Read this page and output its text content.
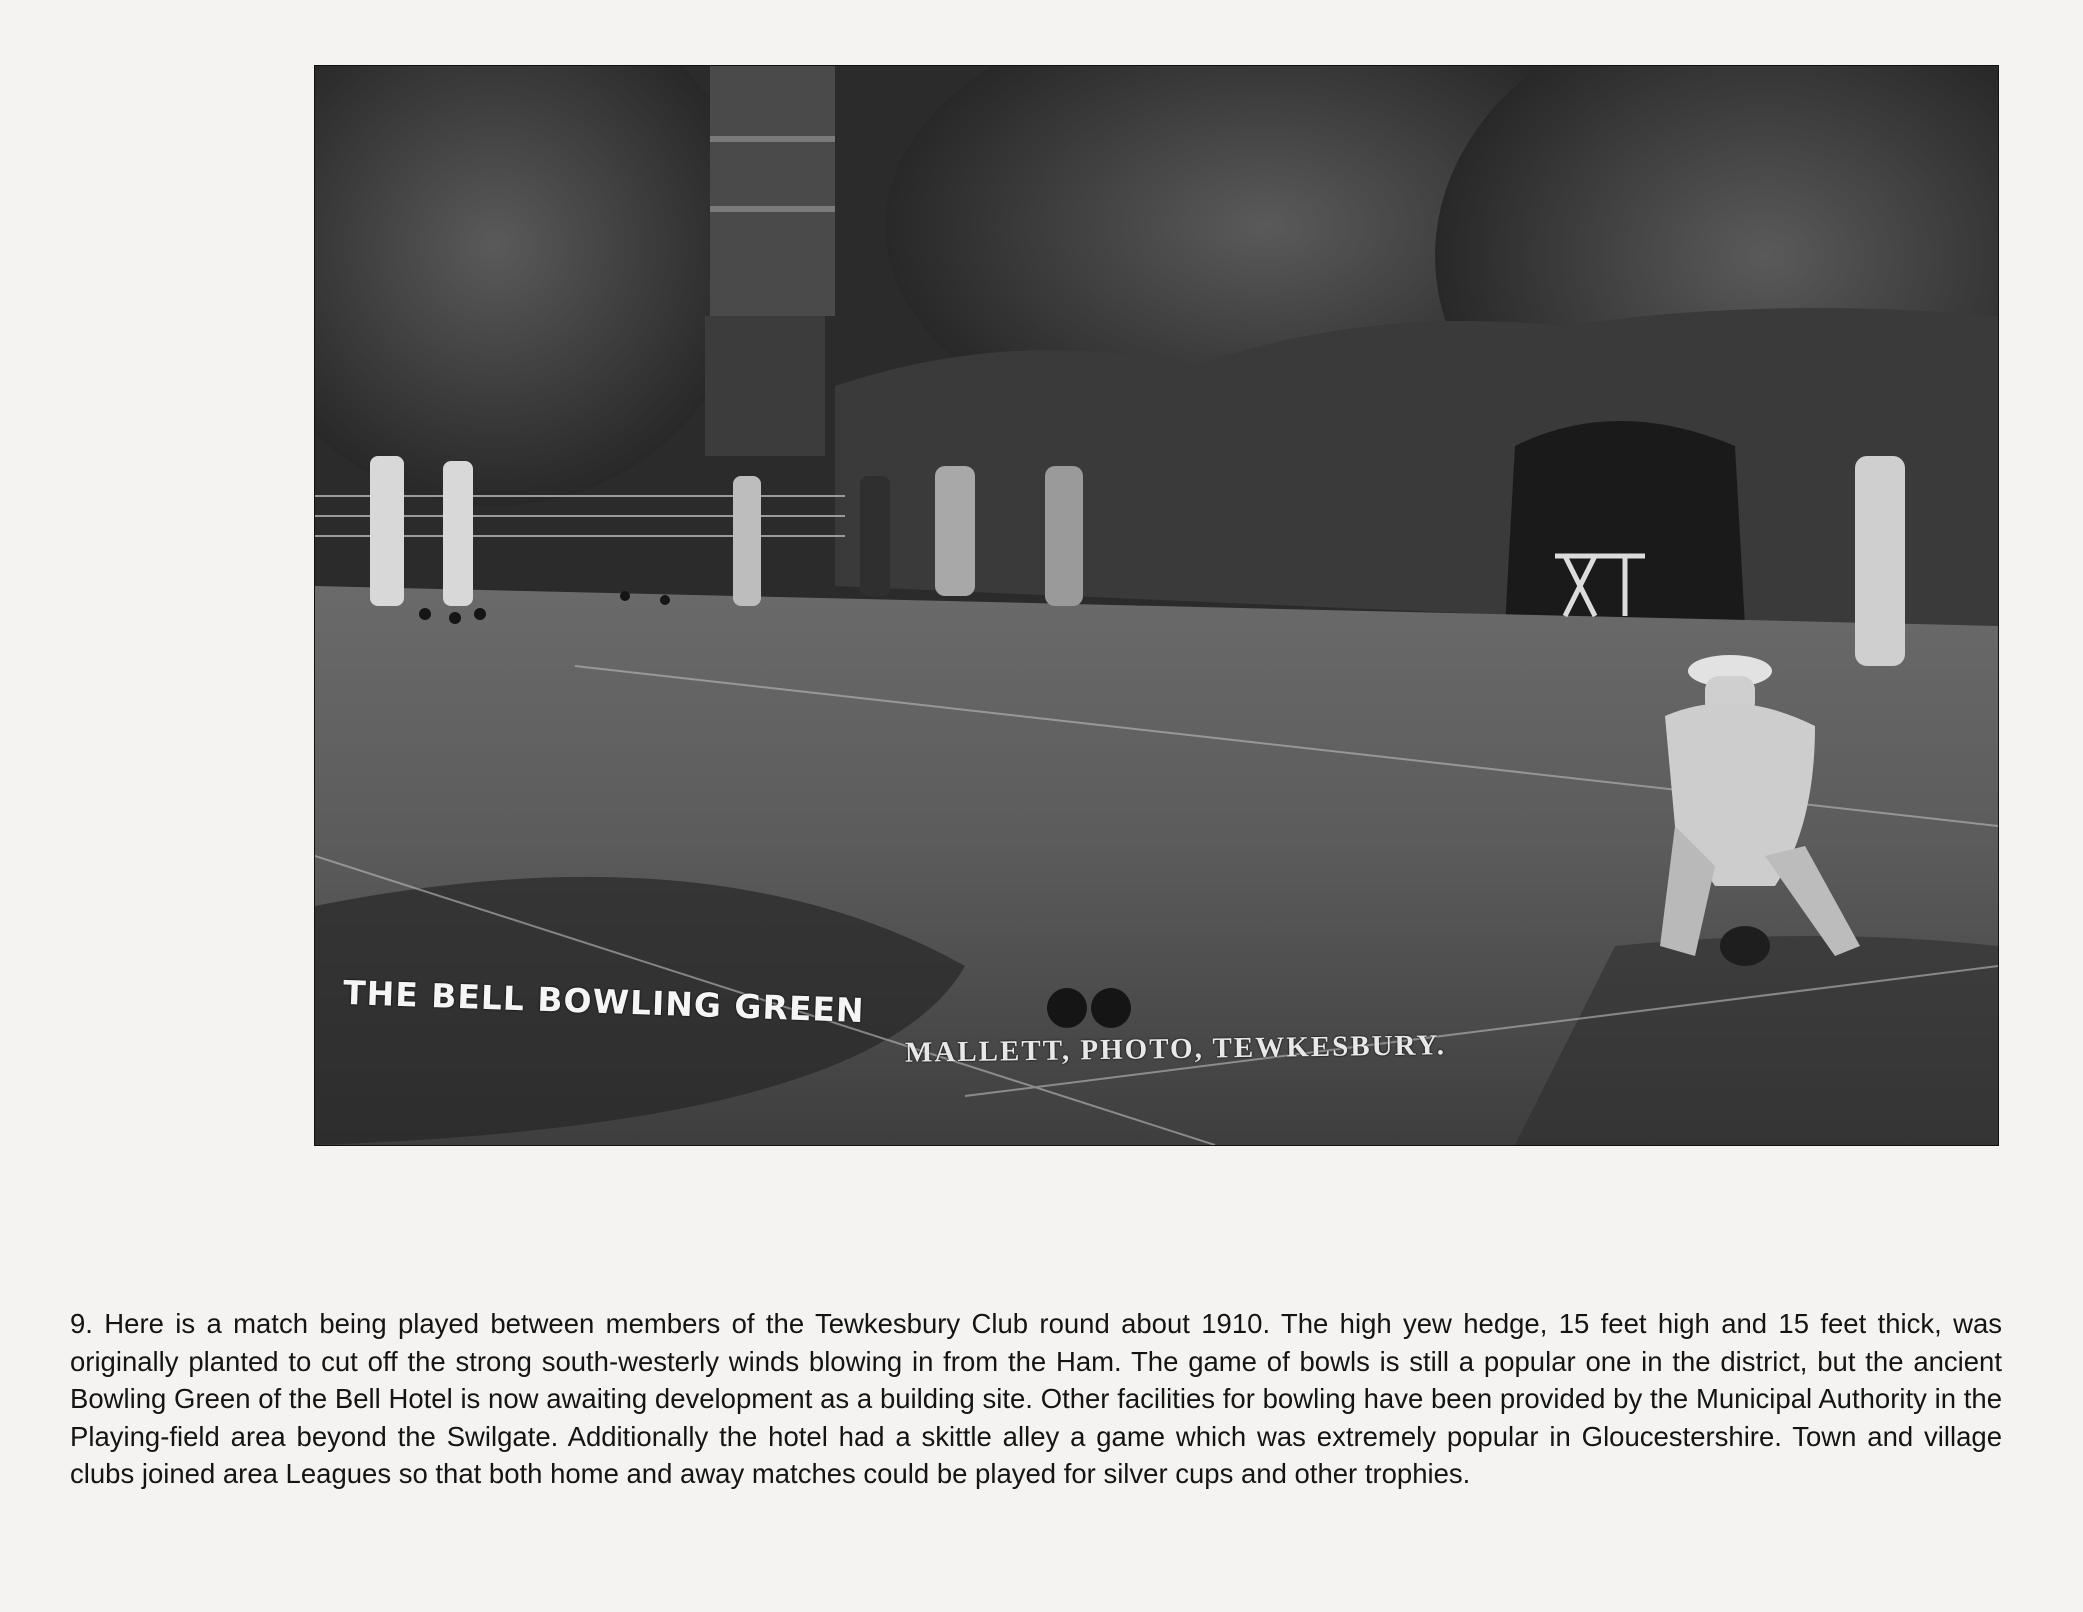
THE BELL BOWLING GREEN
MALLETT, PHOTO, TEWKESBURY.

9. Here is a match being played between members of the Tewkesbury Club round about 1910. The high yew hedge, 15 feet high and 15 feet thick, was originally planted to cut off the strong south-westerly winds blowing in from the Ham. The game of bowls is still a popular one in the district, but the ancient Bowling Green of the Bell Hotel is now awaiting development as a building site. Other facilities for bowling have been provided by the Municipal Authority in the Playing-field area beyond the Swilgate. Additionally the hotel had a skittle alley a game which was extremely popular in Gloucestershire. Town and village clubs joined area Leagues so that both home and away matches could be played for silver cups and other trophies.
